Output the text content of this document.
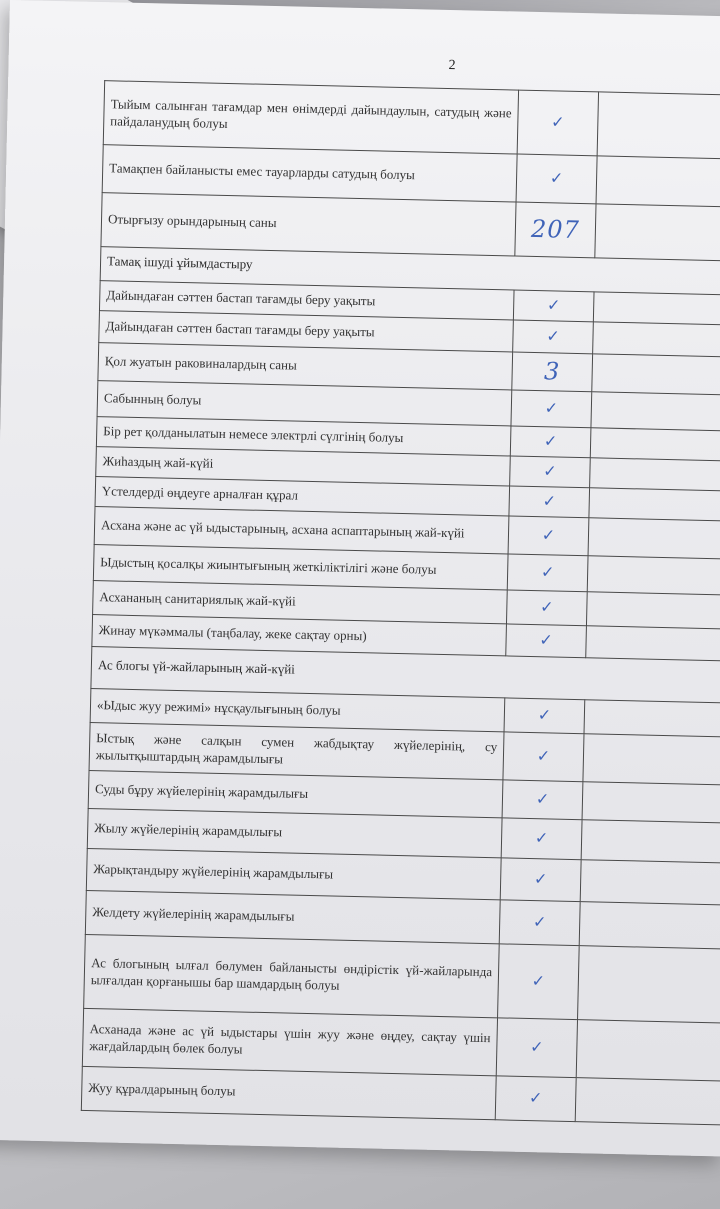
2
Тыйым салынған тағамдар мен өнімдерді дайындаулын, сатудың және пайдаланудың болуы	✓	
Тамақпен байланысты емес тауарларды сатудың болуы	✓	
Отырғызу орындарының саны	207	
Тамақ ішуді ұйымдастыру		
Дайындаған сәттен бастап тағамды беру уақыты	✓	
Дайындаған сәттен бастап тағамды беру уақыты	✓	
Қол жуатын раковиналардың саны	3	
Сабынның болуы	✓	
Бір рет қолданылатын немесе электрлі сүлгінің болуы	✓	
Жиһаздың жай-күйі	✓	
Үстелдерді өңдеуге арналған құрал	✓	
Асхана және ас үй ыдыстарының, асхана аспаптарының жай-күйі	✓	
Ыдыстың қосалқы жиынтығының жеткіліктілігі және болуы	✓	
Асхананың санитариялық жай-күйі	✓	
Жинау мүкәммалы (таңбалау, жеке сақтау орны)	✓	
Ас блогы үй-жайларының жай-күйі		
«Ыдыс жуу режимі» нұсқаулығының болуы	✓	
Ыстық және салқын сумен жабдықтау жүйелерінің, су жылытқыштардың жарамдылығы	✓	
Суды бұру жүйелерінің жарамдылығы	✓	
Жылу жүйелерінің жарамдылығы	✓	
Жарықтандыру жүйелерінің жарамдылығы	✓	
Желдету жүйелерінің жарамдылығы	✓	
Ас блогының ылғал бөлумен байланысты өндірістік үй-жайларында ылғалдан қорғанышы бар шамдардың болуы	✓	
Асханада және ас үй ыдыстары үшін жуу және өңдеу, сақтау үшін жағдайлардың бөлек болуы	✓	
Жуу құралдарының болуы	✓	
